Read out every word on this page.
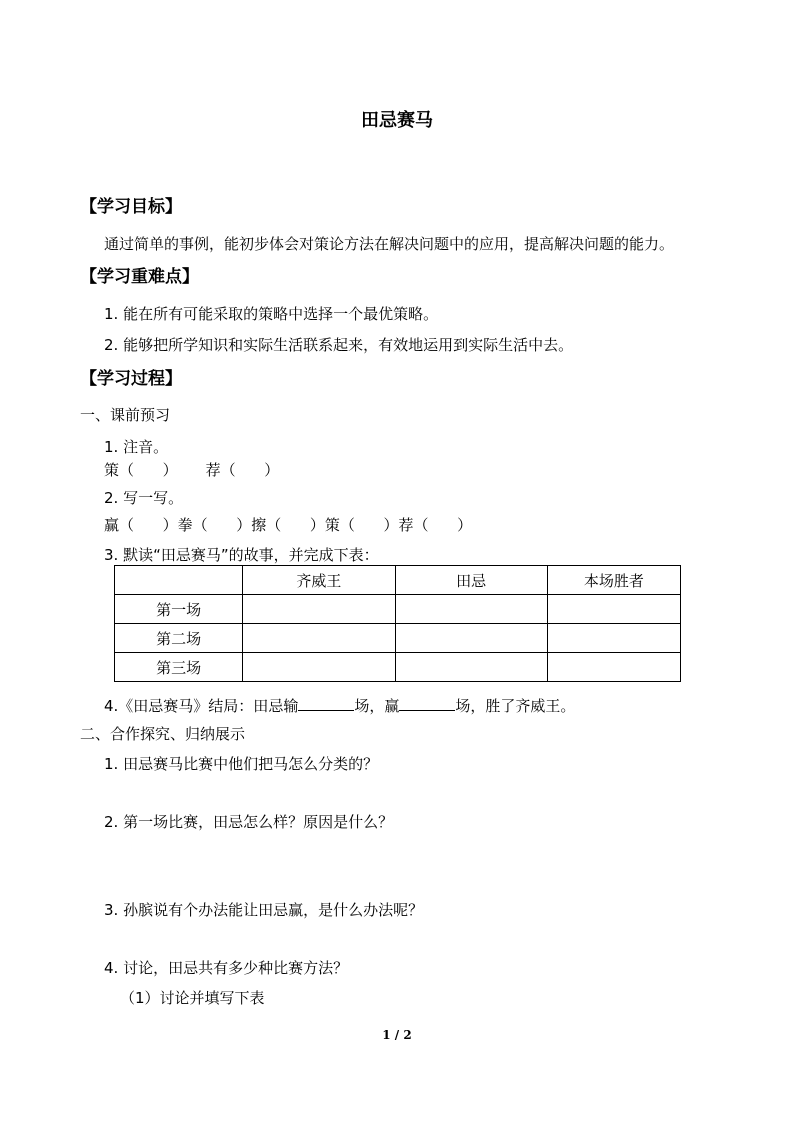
田忌赛马
【学习目标】
通过简单的事例，能初步体会对策论方法在解决问题中的应用，提高解决问题的能力。
【学习重难点】
1. 能在所有可能采取的策略中选择一个最优策略。
2. 能够把所学知识和实际生活联系起来，有效地运用到实际生活中去。
【学习过程】
一、课前预习
1. 注音。
策（      ） 荐（      ）
2. 写一写。
赢（      ）拳（      ）擦（      ）策（      ）荐（      ）
3. 默读“田忌赛马”的故事，并完成下表：
	齐威王	田忌	本场胜者
第一场			
第二场			
第三场			
4.《田忌赛马》结局：田忌输	场，赢	场，胜了齐威王。
二、合作探究、归纳展示
1. 田忌赛马比赛中他们把马怎么分类的？
2. 第一场比赛，田忌怎么样？原因是什么？
3. 孙膑说有个办法能让田忌赢，是什么办法呢？
4. 讨论，田忌共有多少种比赛方法？
（1）讨论并填写下表
1 / 2
